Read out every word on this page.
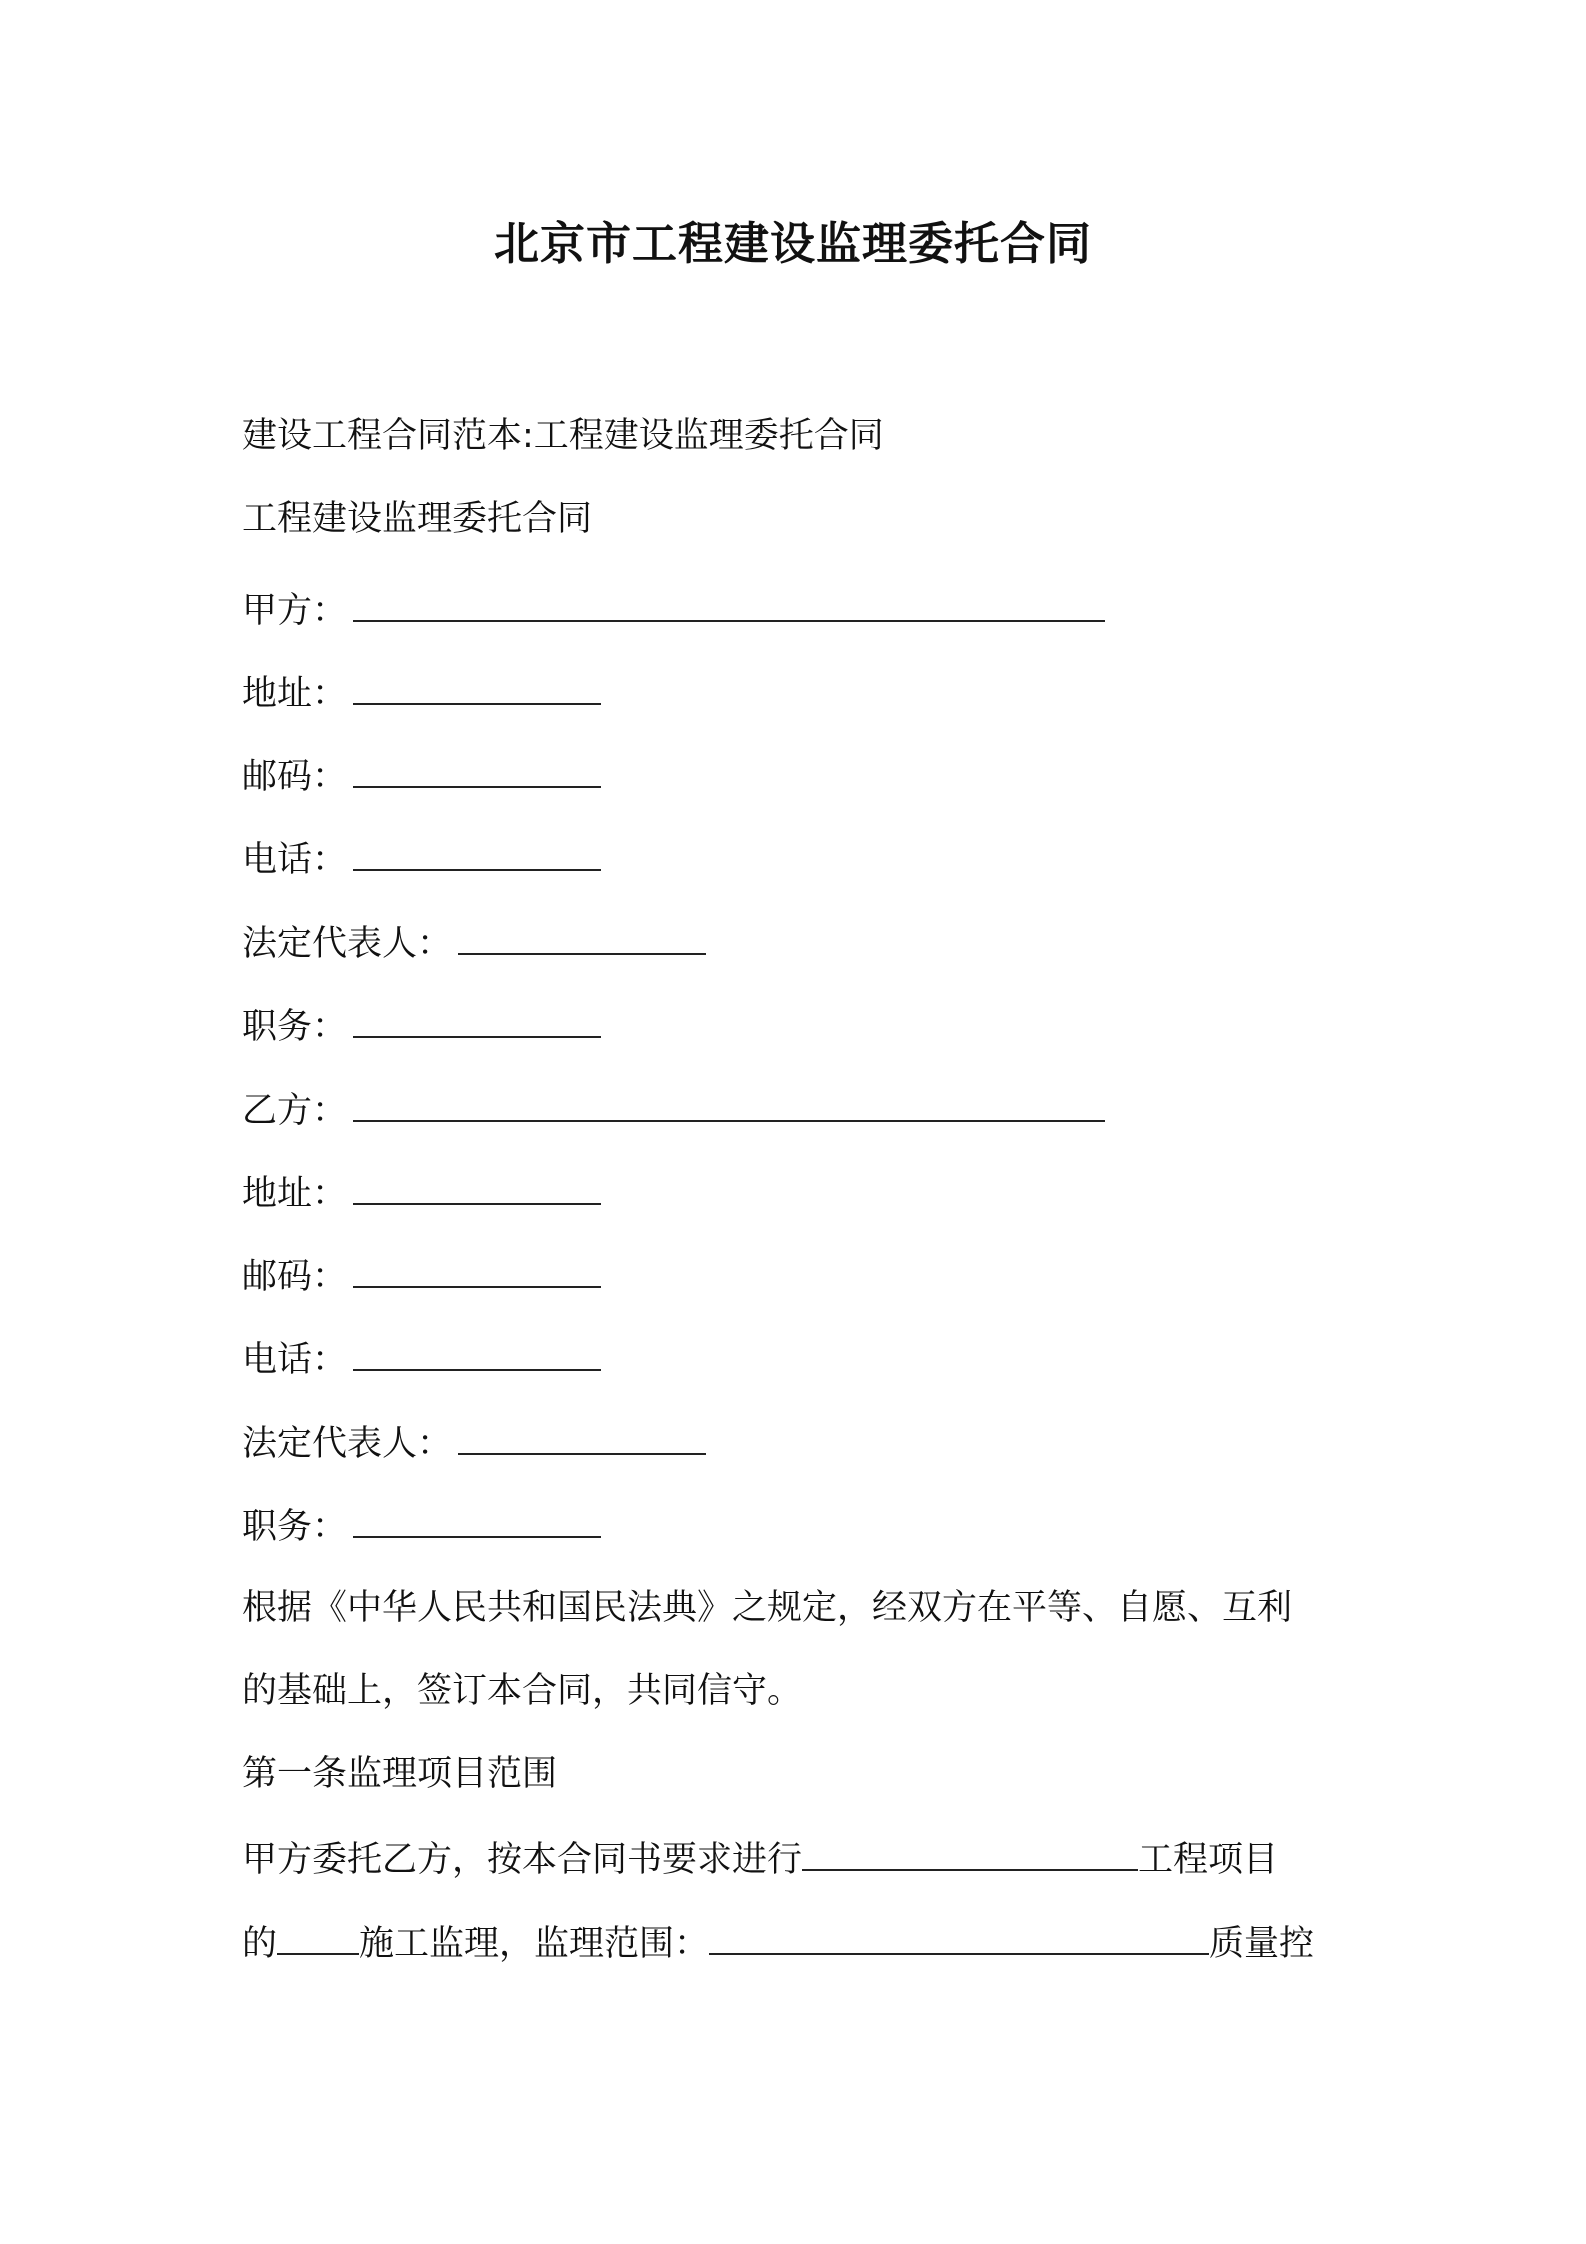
北京市工程建设监理委托合同
建设工程合同范本:工程建设监理委托合同
工程建设监理委托合同
甲方：
地址：
邮码：
电话：
法定代表人：
职务：
乙方：
地址：
邮码：
电话：
法定代表人：
职务：
根据《中华人民共和国民法典》之规定，经双方在平等、自愿、互利
的基础上，签订本合同，共同信守。
第一条监理项目范围
甲方委托乙方，按本合同书要求进行	工程项目
的 施工监理，监理范围：	质量控
